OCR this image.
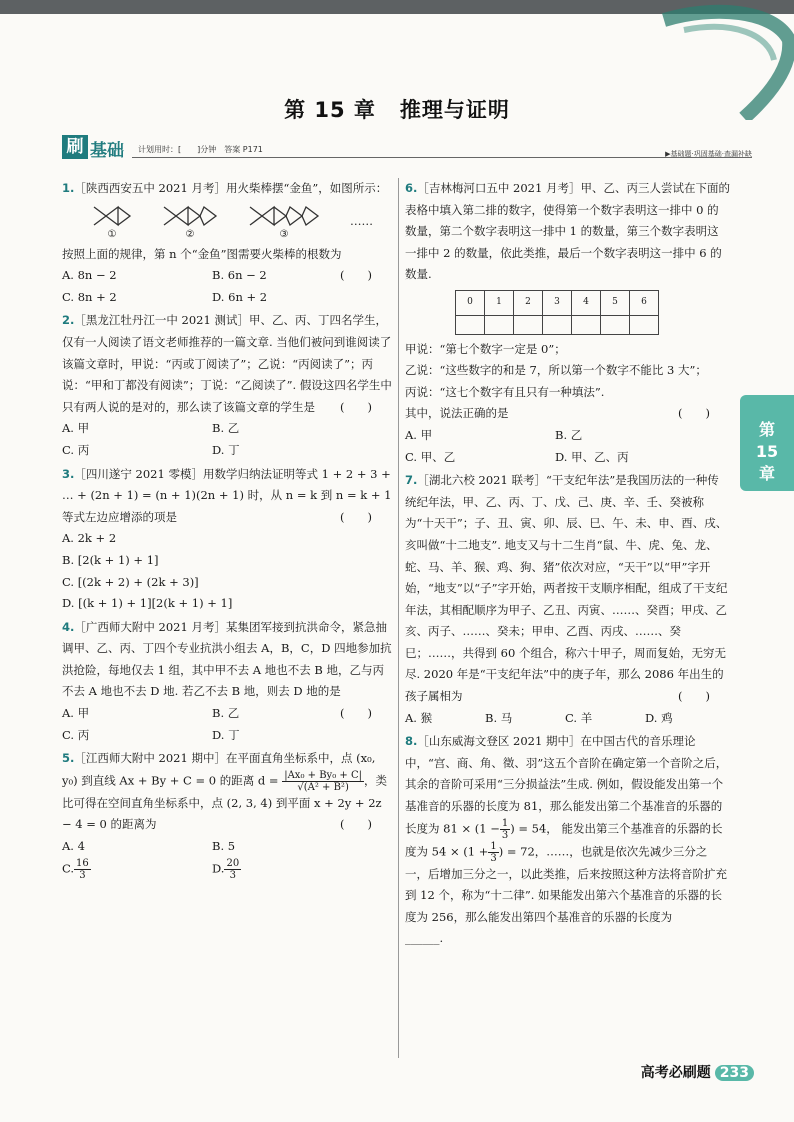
第 15 章 推理与证明
刷 基础 计划用时：[　　]分钟　答案 P171	▶基础题·巩固基础·查漏补缺
1.［陕西西安五中 2021 月考］用火柴棒摆“金鱼”，如图所示：
①	②	③
……
按照上面的规律，第 n 个“金鱼”图需要火柴棒的根数为
(　　)
A. 8n − 2	B. 6n − 2
C. 8n + 2	D. 6n + 2
2.［黑龙江牡丹江一中 2021 测试］甲、乙、丙、丁四名学生，仅有一人阅读了语文老师推荐的一篇文章. 当他们被问到谁阅读了该篇文章时，甲说：“丙或丁阅读了”；乙说：“丙阅读了”；丙说：“甲和丁都没有阅读”；丁说：“乙阅读了”. 假设这四名学生中只有两人说的是对的，那么读了该篇文章的学生是 (　　)
A. 甲	B. 乙
C. 丙	D. 丁
3.［四川遂宁 2021 零模］用数学归纳法证明等式 1 + 2 + 3 + … + (2n + 1) = (n + 1)(2n + 1) 时，从 n = k 到 n = k + 1 等式左边应增添的项是	(　　)
A. 2k + 2
B. [2(k + 1) + 1]
C. [(2k + 2) + (2k + 3)]
D. [(k + 1) + 1][2(k + 1) + 1]
4.［广西师大附中 2021 月考］某集团军接到抗洪命令，紧急抽调甲、乙、丙、丁四个专业抗洪小组去 A，B，C，D 四地参加抗洪抢险，每地仅去 1 组，其中甲不去 A 地也不去 B 地，乙与丙不去 A 地也不去 D 地. 若乙不去 B 地，则去 D 地的是
(　　)
A. 甲	B. 乙
C. 丙	D. 丁
5.［江西师大附中 2021 期中］在平面直角坐标系中，点 (x₀, y₀) 到直线 Ax + By + C = 0 的距离 $d = \frac{\text{|Ax₀ + By₀ + C|}}{\text{√(A² + B²)}}$ ，类比可得在空间直角坐标系中，点 (2, 3, 4) 到平面 x + 2y + 2z − 4 = 0 的距离为	(　　)
A. 4	B. 5
C. $\frac{16}{3}$	D. $\frac{20}{3}$
6.［吉林梅河口五中 2021 月考］甲、乙、丙三人尝试在下面的表格中填入第二排的数字，使得第一个数字表明这一排中 0 的数量，第二个数字表明这一排中 1 的数量，第三个数字表明这一排中 2 的数量，依此类推，最后一个数字表明这一排中 6 的数量.
0	1	2	3	4	5	6

甲说：“第七个数字一定是 0”；
乙说：“这些数字的和是 7，所以第一个数字不能比 3 大”；
丙说：“这七个数字有且只有一种填法”.
其中，说法正确的是	(　　)
A. 甲	B. 乙
C. 甲、乙	D. 甲、乙、丙
7.［湖北六校 2021 联考］“干支纪年法”是我国历法的一种传统纪年法，甲、乙、丙、丁、戊、己、庚、辛、壬、癸被称为“十天干”；子、丑、寅、卯、辰、巳、午、未、申、酉、戌、亥叫做“十二地支”. 地支又与十二生肖“鼠、牛、虎、兔、龙、蛇、马、羊、猴、鸡、狗、猪”依次对应，“天干”以“甲”字开始，“地支”以“子”字开始，两者按干支顺序相配，组成了干支纪年法，其相配顺序为甲子、乙丑、丙寅、……、癸酉；甲戌、乙亥、丙子、……、癸未；甲申、乙酉、丙戌、……、癸巳；……，共得到 60 个组合，称六十甲子，周而复始，无穷无尽. 2020 年是“干支纪年法”中的庚子年，那么 2086 年出生的孩子属相为	(　　)
A. 猴	B. 马	C. 羊	D. 鸡
8.［山东威海文登区 2021 期中］在中国古代的音乐理论中，“宫、商、角、徵、羽”这五个音阶在确定第一个音阶之后，其余的音阶可采用“三分损益法”生成. 例如，假设能发出第一个基准音的乐器的长度为 81，那么能发出第二个基准音的乐器的长度为 $81 \times (1 - \frac{1}{3}$ ) = 54， 能发出第三个基准音的乐器的长度为 $54 \times (1 + \frac{1}{3}$ ) = 72，……，也就是依次先减少三分之一，后增加三分之一，以此类推，后来按照这种方法将音阶扩充到 12 个，称为“十二律”. 如果能发出第六个基准音的乐器的长度为 256，那么能发出第四个基准音的乐器的长度为
______.
第
15
章
高考必刷题 233
